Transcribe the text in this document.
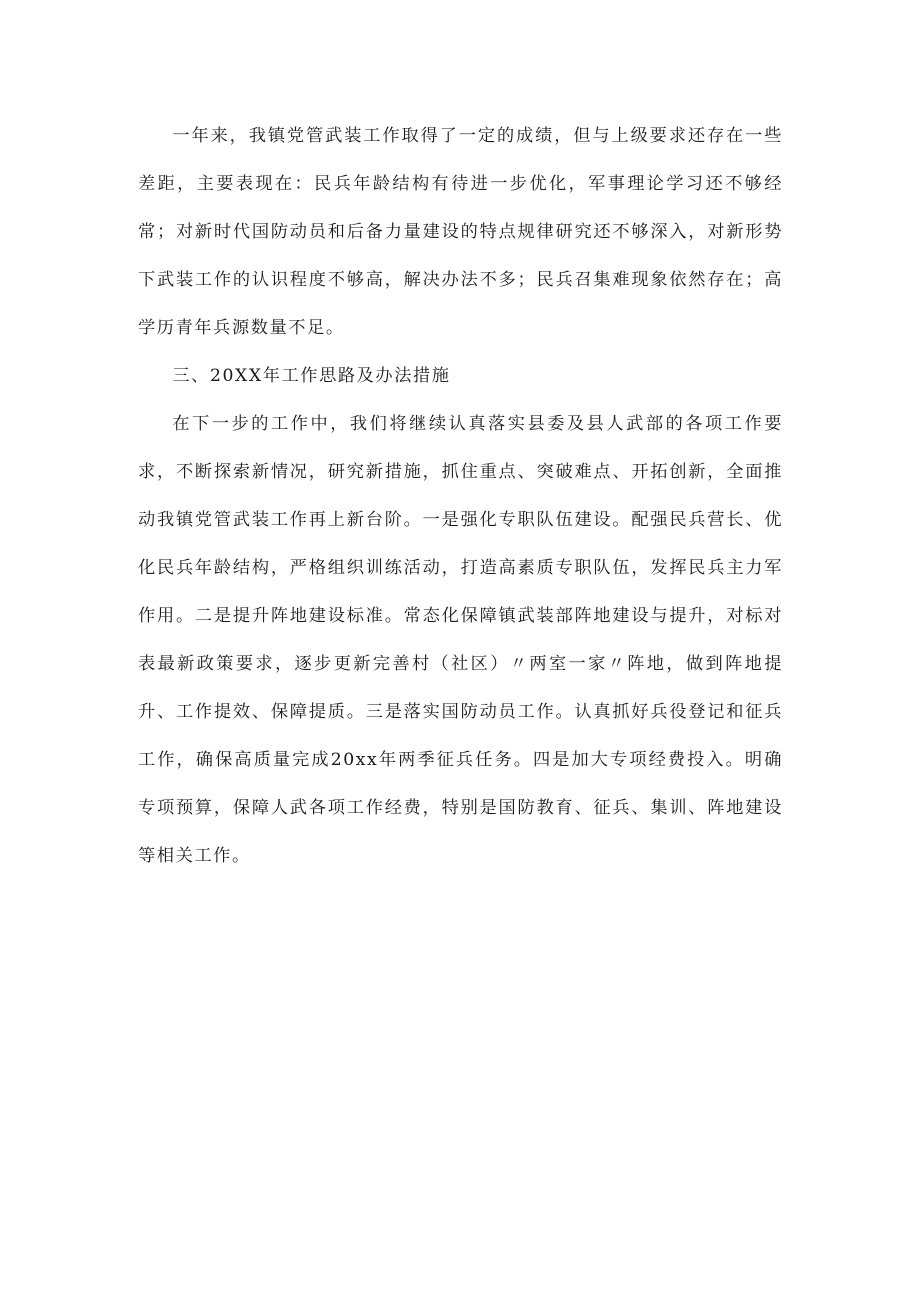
一年来，我镇党管武装工作取得了一定的成绩，但与上级要求还存在一些差距，主要表现在：民兵年龄结构有待进一步优化，军事理论学习还不够经常；对新时代国防动员和后备力量建设的特点规律研究还不够深入，对新形势下武装工作的认识程度不够高，解决办法不多；民兵召集难现象依然存在；高学历青年兵源数量不足。

三、20XX年工作思路及办法措施

在下一步的工作中，我们将继续认真落实县委及县人武部的各项工作要求，不断探索新情况，研究新措施，抓住重点、突破难点、开拓创新，全面推动我镇党管武装工作再上新台阶。一是强化专职队伍建设。配强民兵营长、优化民兵年龄结构，严格组织训练活动，打造高素质专职队伍，发挥民兵主力军作用。二是提升阵地建设标准。常态化保障镇武装部阵地建设与提升，对标对表最新政策要求，逐步更新完善村（社区）〃两室一家〃阵地，做到阵地提升、工作提效、保障提质。三是落实国防动员工作。认真抓好兵役登记和征兵工作，确保高质量完成20xx年两季征兵任务。四是加大专项经费投入。明确专项预算，保障人武各项工作经费，特别是国防教育、征兵、集训、阵地建设等相关工作。
